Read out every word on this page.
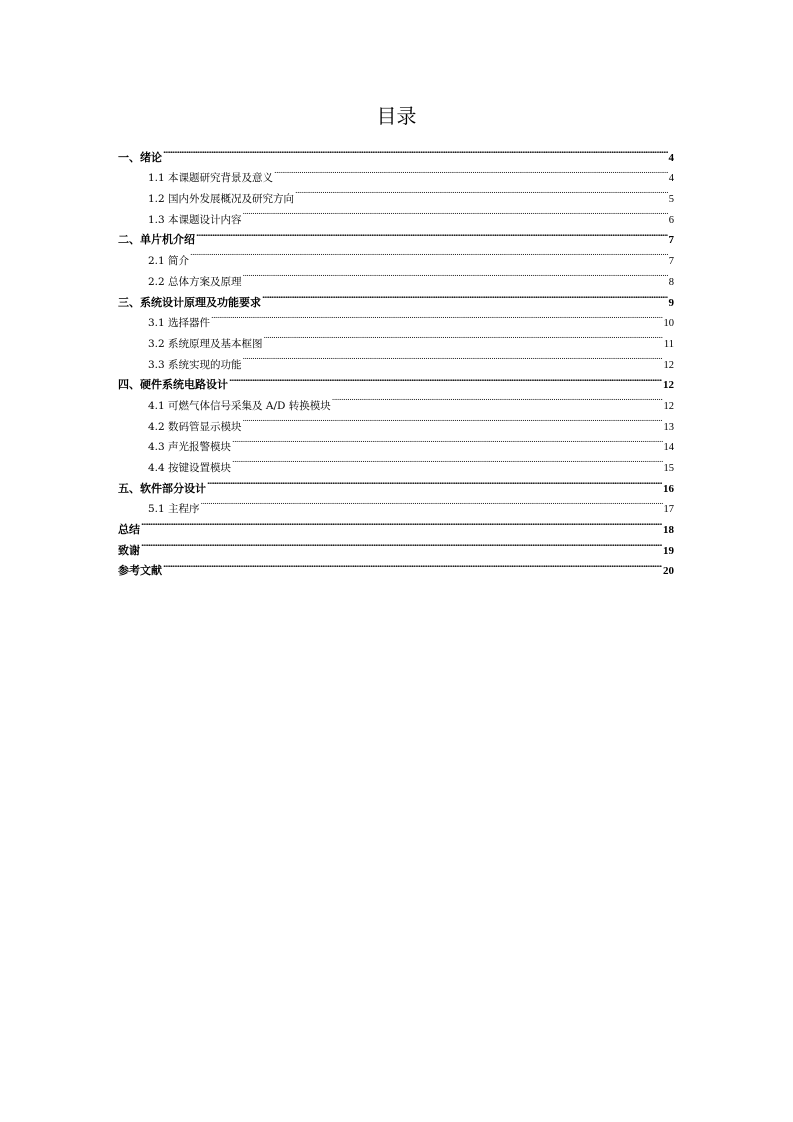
目录
一、绪论 .....	4
1.1 本课题研究背景及意义 .....	4
1.2 国内外发展概况及研究方向 .....	5
1.3 本课题设计内容 .....	6
二、单片机介绍 .....	7
2.1 简介 .....	7
2.2 总体方案及原理 .....	8
三、系统设计原理及功能要求 .....	9
3.1 选择器件 .....	10
3.2 系统原理及基本框图 .....	11
3.3 系统实现的功能 .....	12
四、硬件系统电路设计 .....	12
4.1 可燃气体信号采集及 A/D 转换模块 .....	12
4.2 数码管显示模块 .....	13
4.3 声光报警模块 .....	14
4.4 按键设置模块 .....	15
五、软件部分设计 .....	16
5.1 主程序 .....	17
总结 .....	18
致谢 .....	19
参考文献 .....	20
